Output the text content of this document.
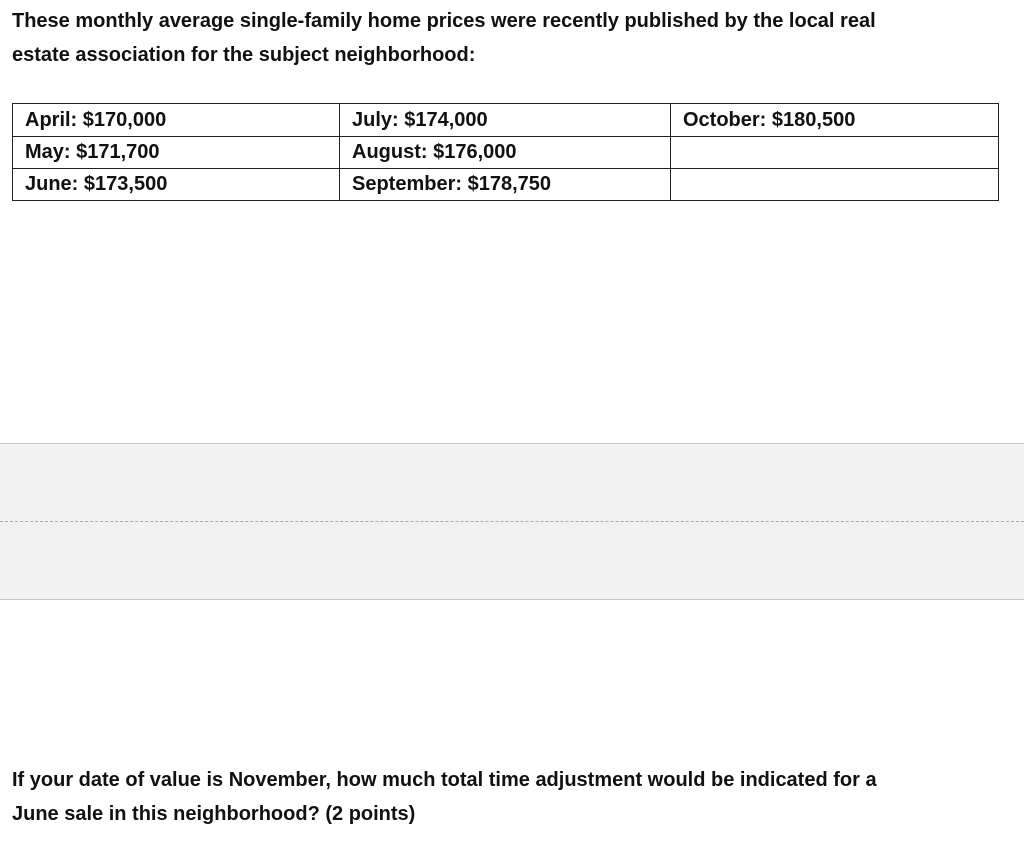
These monthly average single-family home prices were recently published by the local real
estate association for the subject neighborhood:

April: $170,000	July: $174,000	October: $180,500
May: $171,700	August: $176,000	
June: $173,500	September: $178,750	

If your date of value is November, how much total time adjustment would be indicated for a
June sale in this neighborhood? (2 points)
